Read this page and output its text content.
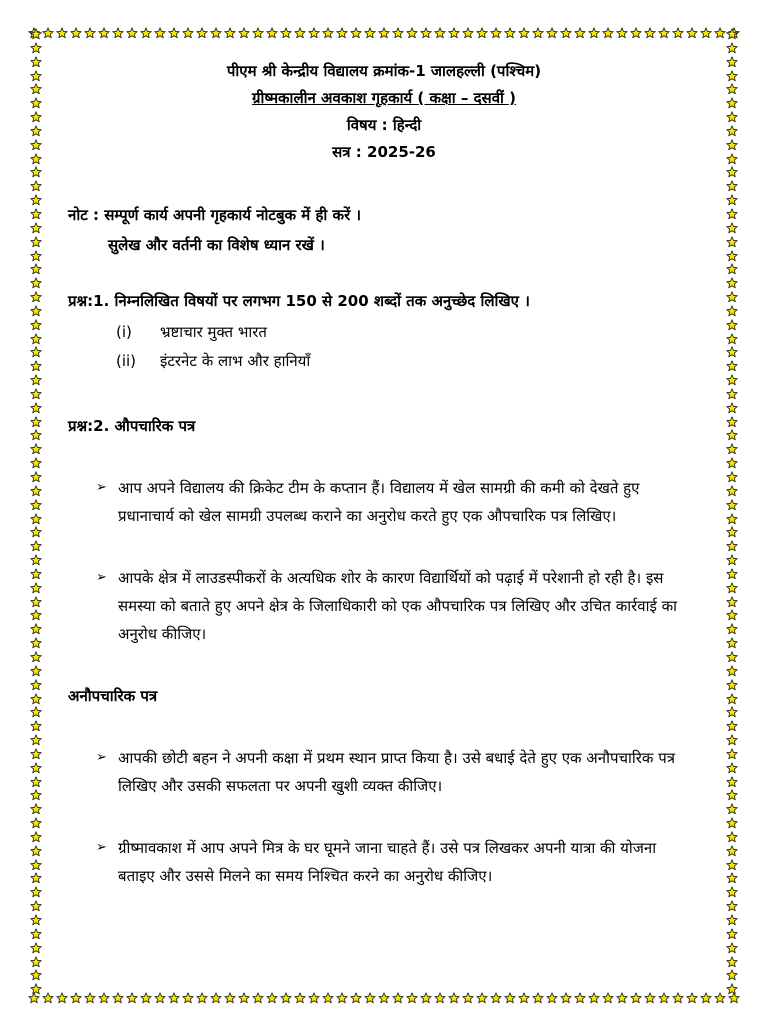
पीएम श्री केन्द्रीय विद्यालय क्रमांक-1 जालहल्ली (पश्चिम)
ग्रीष्मकालीन अवकाश गृहकार्य ( कक्षा – दसवीं )
विषय : हिन्दी
सत्र : 2025-26
नोट : सम्पूर्ण कार्य अपनी गृहकार्य नोटबुक में ही करें ।
सुलेख और वर्तनी का विशेष ध्यान रखें ।
प्रश्न:1. निम्नलिखित विषयों पर लगभग 150 से 200 शब्दों तक अनुच्छेद लिखिए ।
(i)	भ्रष्टाचार मुक्त भारत
(ii)	इंटरनेट के लाभ और हानियाँ
प्रश्न:2. औपचारिक पत्र
➢ आप अपने विद्यालय की क्रिकेट टीम के कप्तान हैं। विद्यालय में खेल सामग्री की कमी को देखते हुए प्रधानाचार्य को खेल सामग्री उपलब्ध कराने का अनुरोध करते हुए एक औपचारिक पत्र लिखिए।
➢ आपके क्षेत्र में लाउडस्पीकरों के अत्यधिक शोर के कारण विद्यार्थियों को पढ़ाई में परेशानी हो रही है। इस समस्या को बताते हुए अपने क्षेत्र के जिलाधिकारी को एक औपचारिक पत्र लिखिए और उचित कार्रवाई का अनुरोध कीजिए।
अनौपचारिक पत्र
➢ आपकी छोटी बहन ने अपनी कक्षा में प्रथम स्थान प्राप्त किया है। उसे बधाई देते हुए एक अनौपचारिक पत्र लिखिए और उसकी सफलता पर अपनी खुशी व्यक्त कीजिए।
➢ ग्रीष्मावकाश में आप अपने मित्र के घर घूमने जाना चाहते हैं। उसे पत्र लिखकर अपनी यात्रा की योजना बताइए और उससे मिलने का समय निश्चित करने का अनुरोध कीजिए।
